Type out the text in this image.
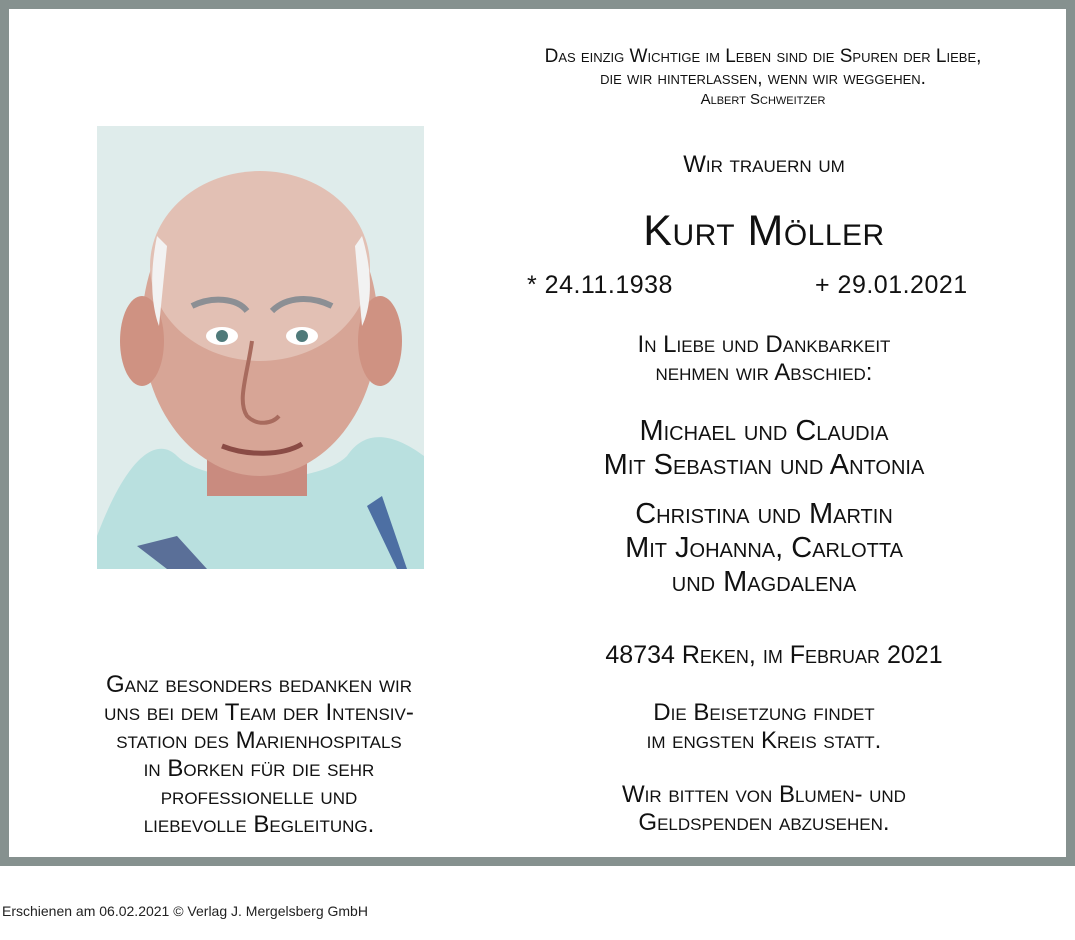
Das einzig Wichtige im Leben sind die Spuren der Liebe,
die wir hinterlassen, wenn wir weggehen.
Albert Schweitzer
Wir trauern um
Kurt Möller
* 24.11.1938	+ 29.01.2021
In Liebe und Dankbarkeit
nehmen wir Abschied:
Michael und Claudia
Mit Sebastian und Antonia
Christina und Martin
Mit Johanna, Carlotta
und Magdalena
48734 Reken, im Februar 2021
Die Beisetzung findet
im engsten Kreis statt.
Wir bitten von Blumen- und
Geldspenden abzusehen.
Ganz besonders bedanken wir
uns bei dem Team der Intensiv-
station des Marienhospitals
in Borken für die sehr
professionelle und
liebevolle Begleitung.
Erschienen am 06.02.2021 © Verlag J. Mergelsberg GmbH
